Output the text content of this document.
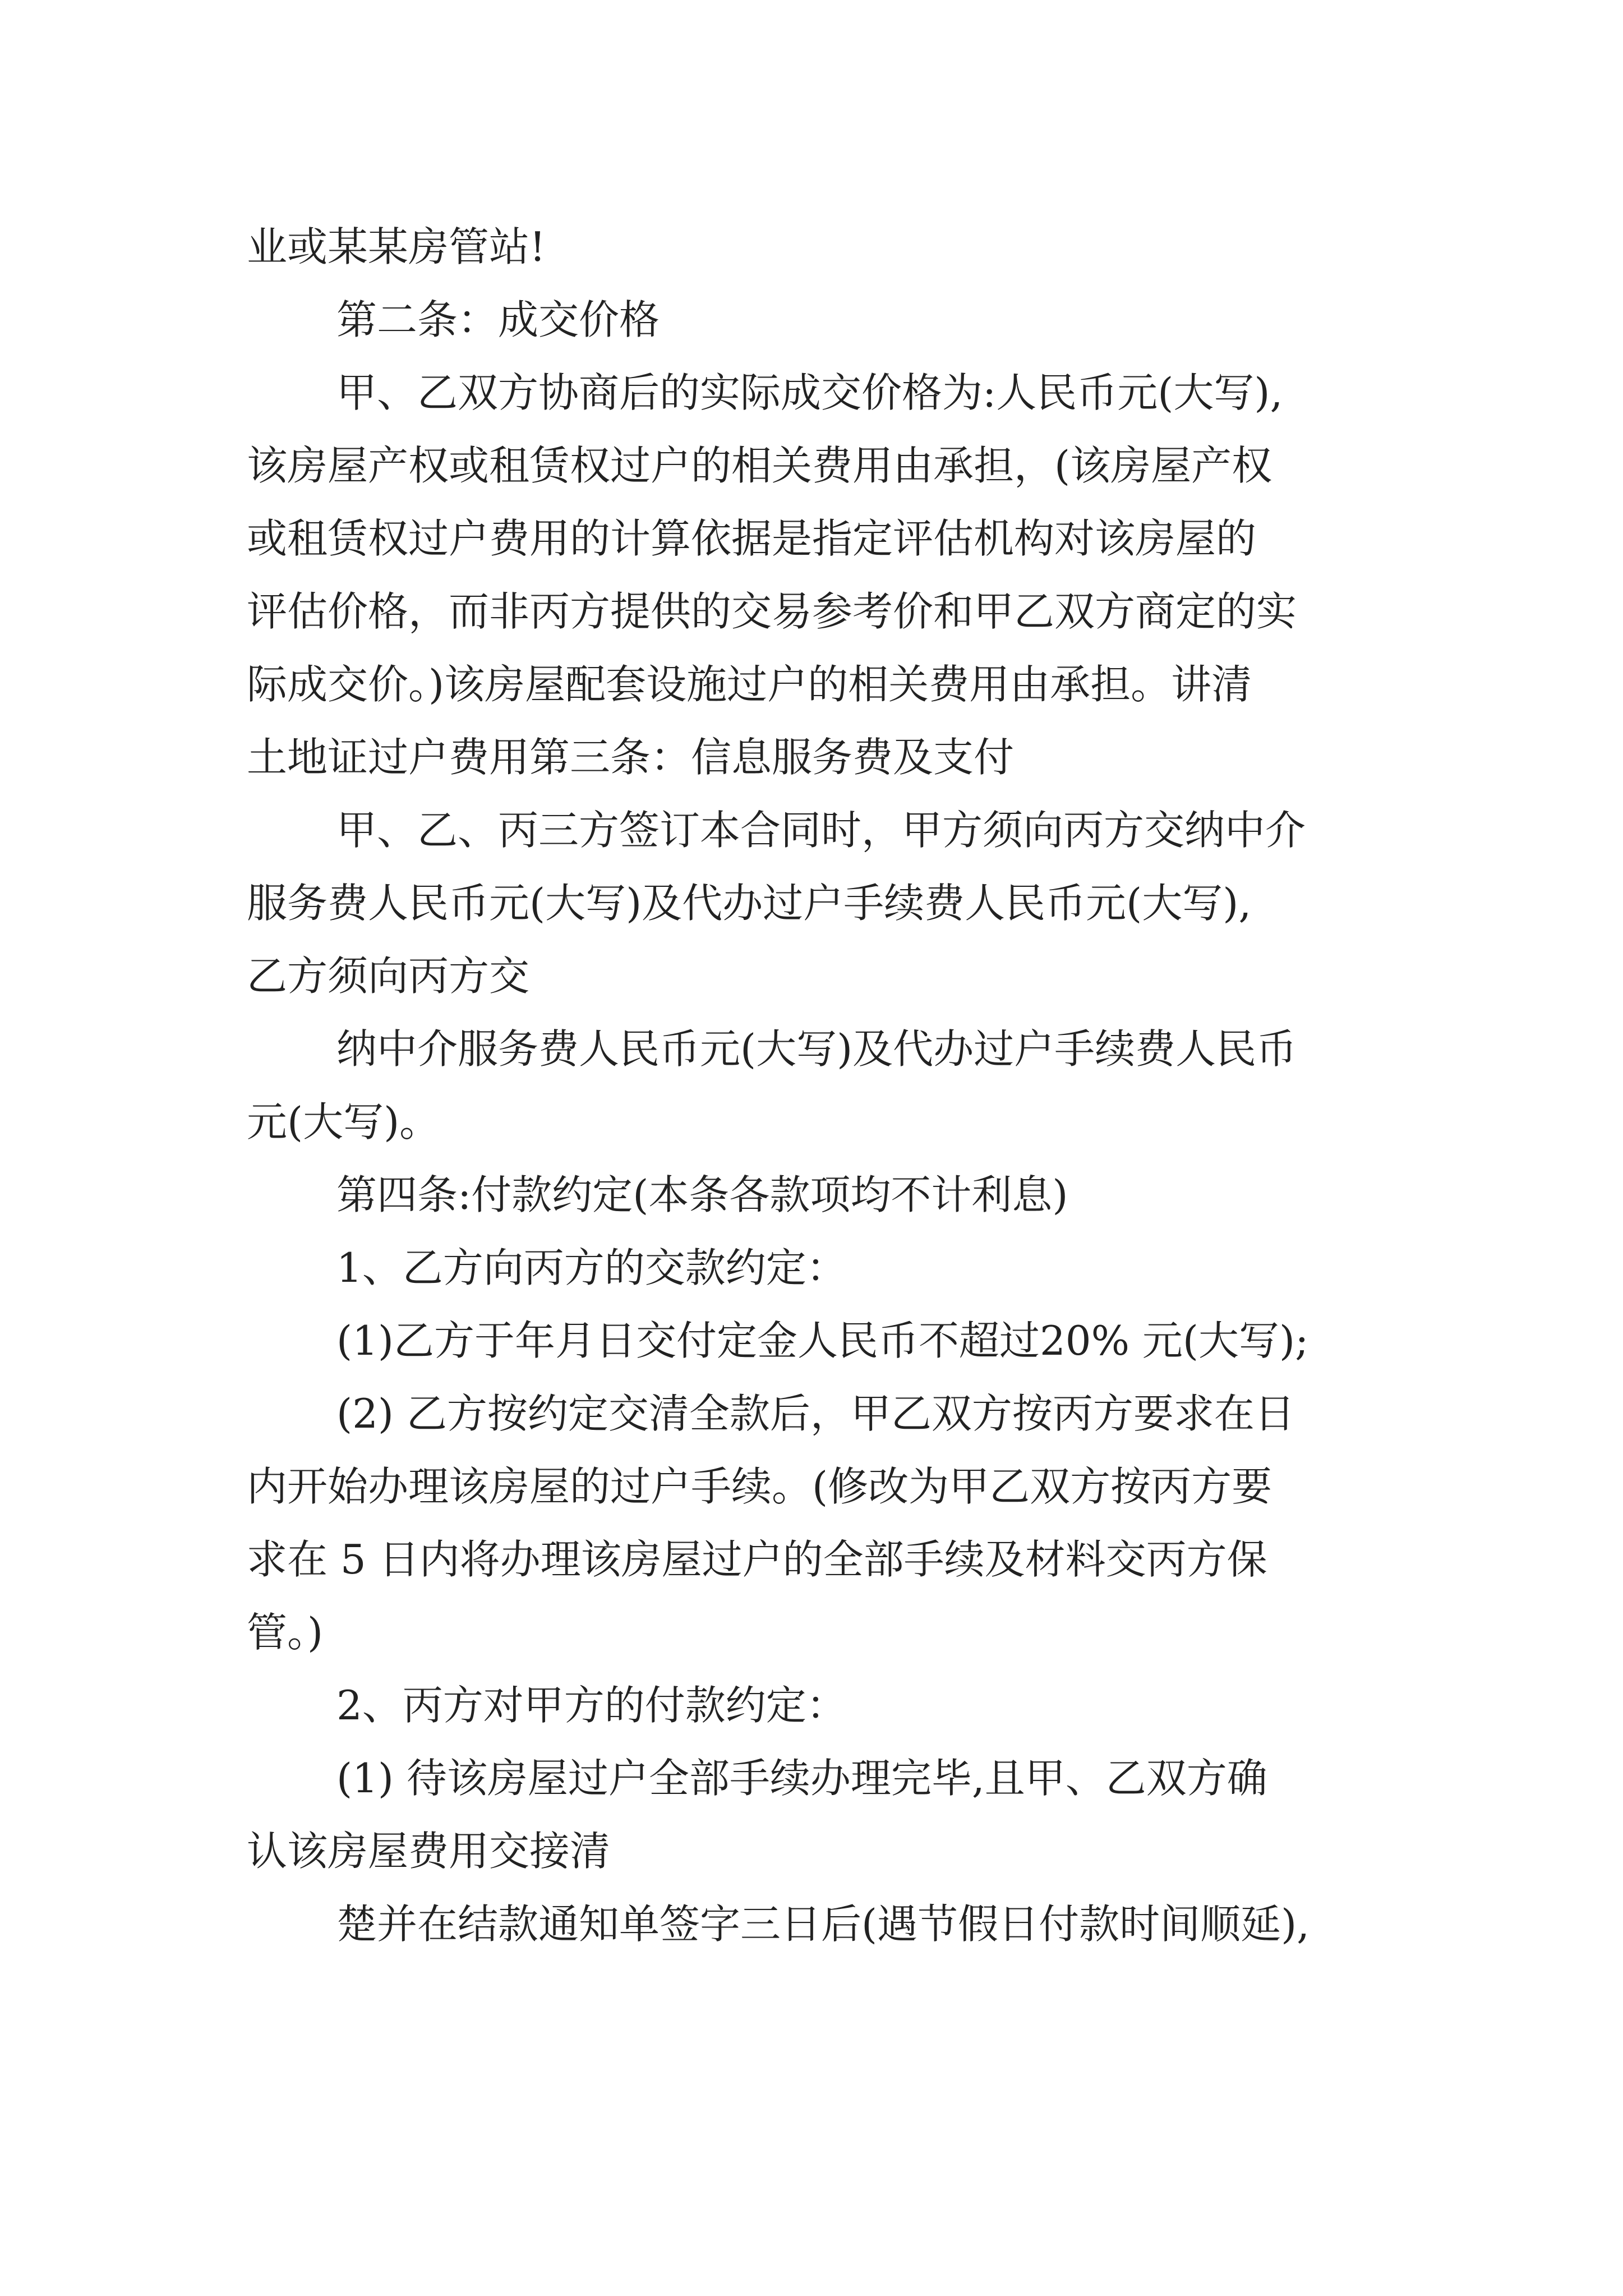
业或某某房管站!
第二条：成交价格
甲、乙双方协商后的实际成交价格为:人民币元(大写),
该房屋产权或租赁权过户的相关费用由承担，(该房屋产权
或租赁权过户费用的计算依据是指定评估机构对该房屋的
评估价格，而非丙方提供的交易参考价和甲乙双方商定的实
际成交价。)该房屋配套设施过户的相关费用由承担。讲清
土地证过户费用第三条：信息服务费及支付
甲、乙、丙三方签订本合同时，甲方须向丙方交纳中介
服务费人民币元(大写)及代办过户手续费人民币元(大写),
乙方须向丙方交
纳中介服务费人民币元(大写)及代办过户手续费人民币
元(大写)。
第四条:付款约定(本条各款项均不计利息)
1、乙方向丙方的交款约定：
(1)乙方于年月日交付定金人民币不超过20% 元(大写);
(2) 乙方按约定交清全款后，甲乙双方按丙方要求在日
内开始办理该房屋的过户手续。(修改为甲乙双方按丙方要
求在 5 日内将办理该房屋过户的全部手续及材料交丙方保
管。)
2、丙方对甲方的付款约定：
(1) 待该房屋过户全部手续办理完毕,且甲、乙双方确
认该房屋费用交接清
楚并在结款通知单签字三日后(遇节假日付款时间顺延),
